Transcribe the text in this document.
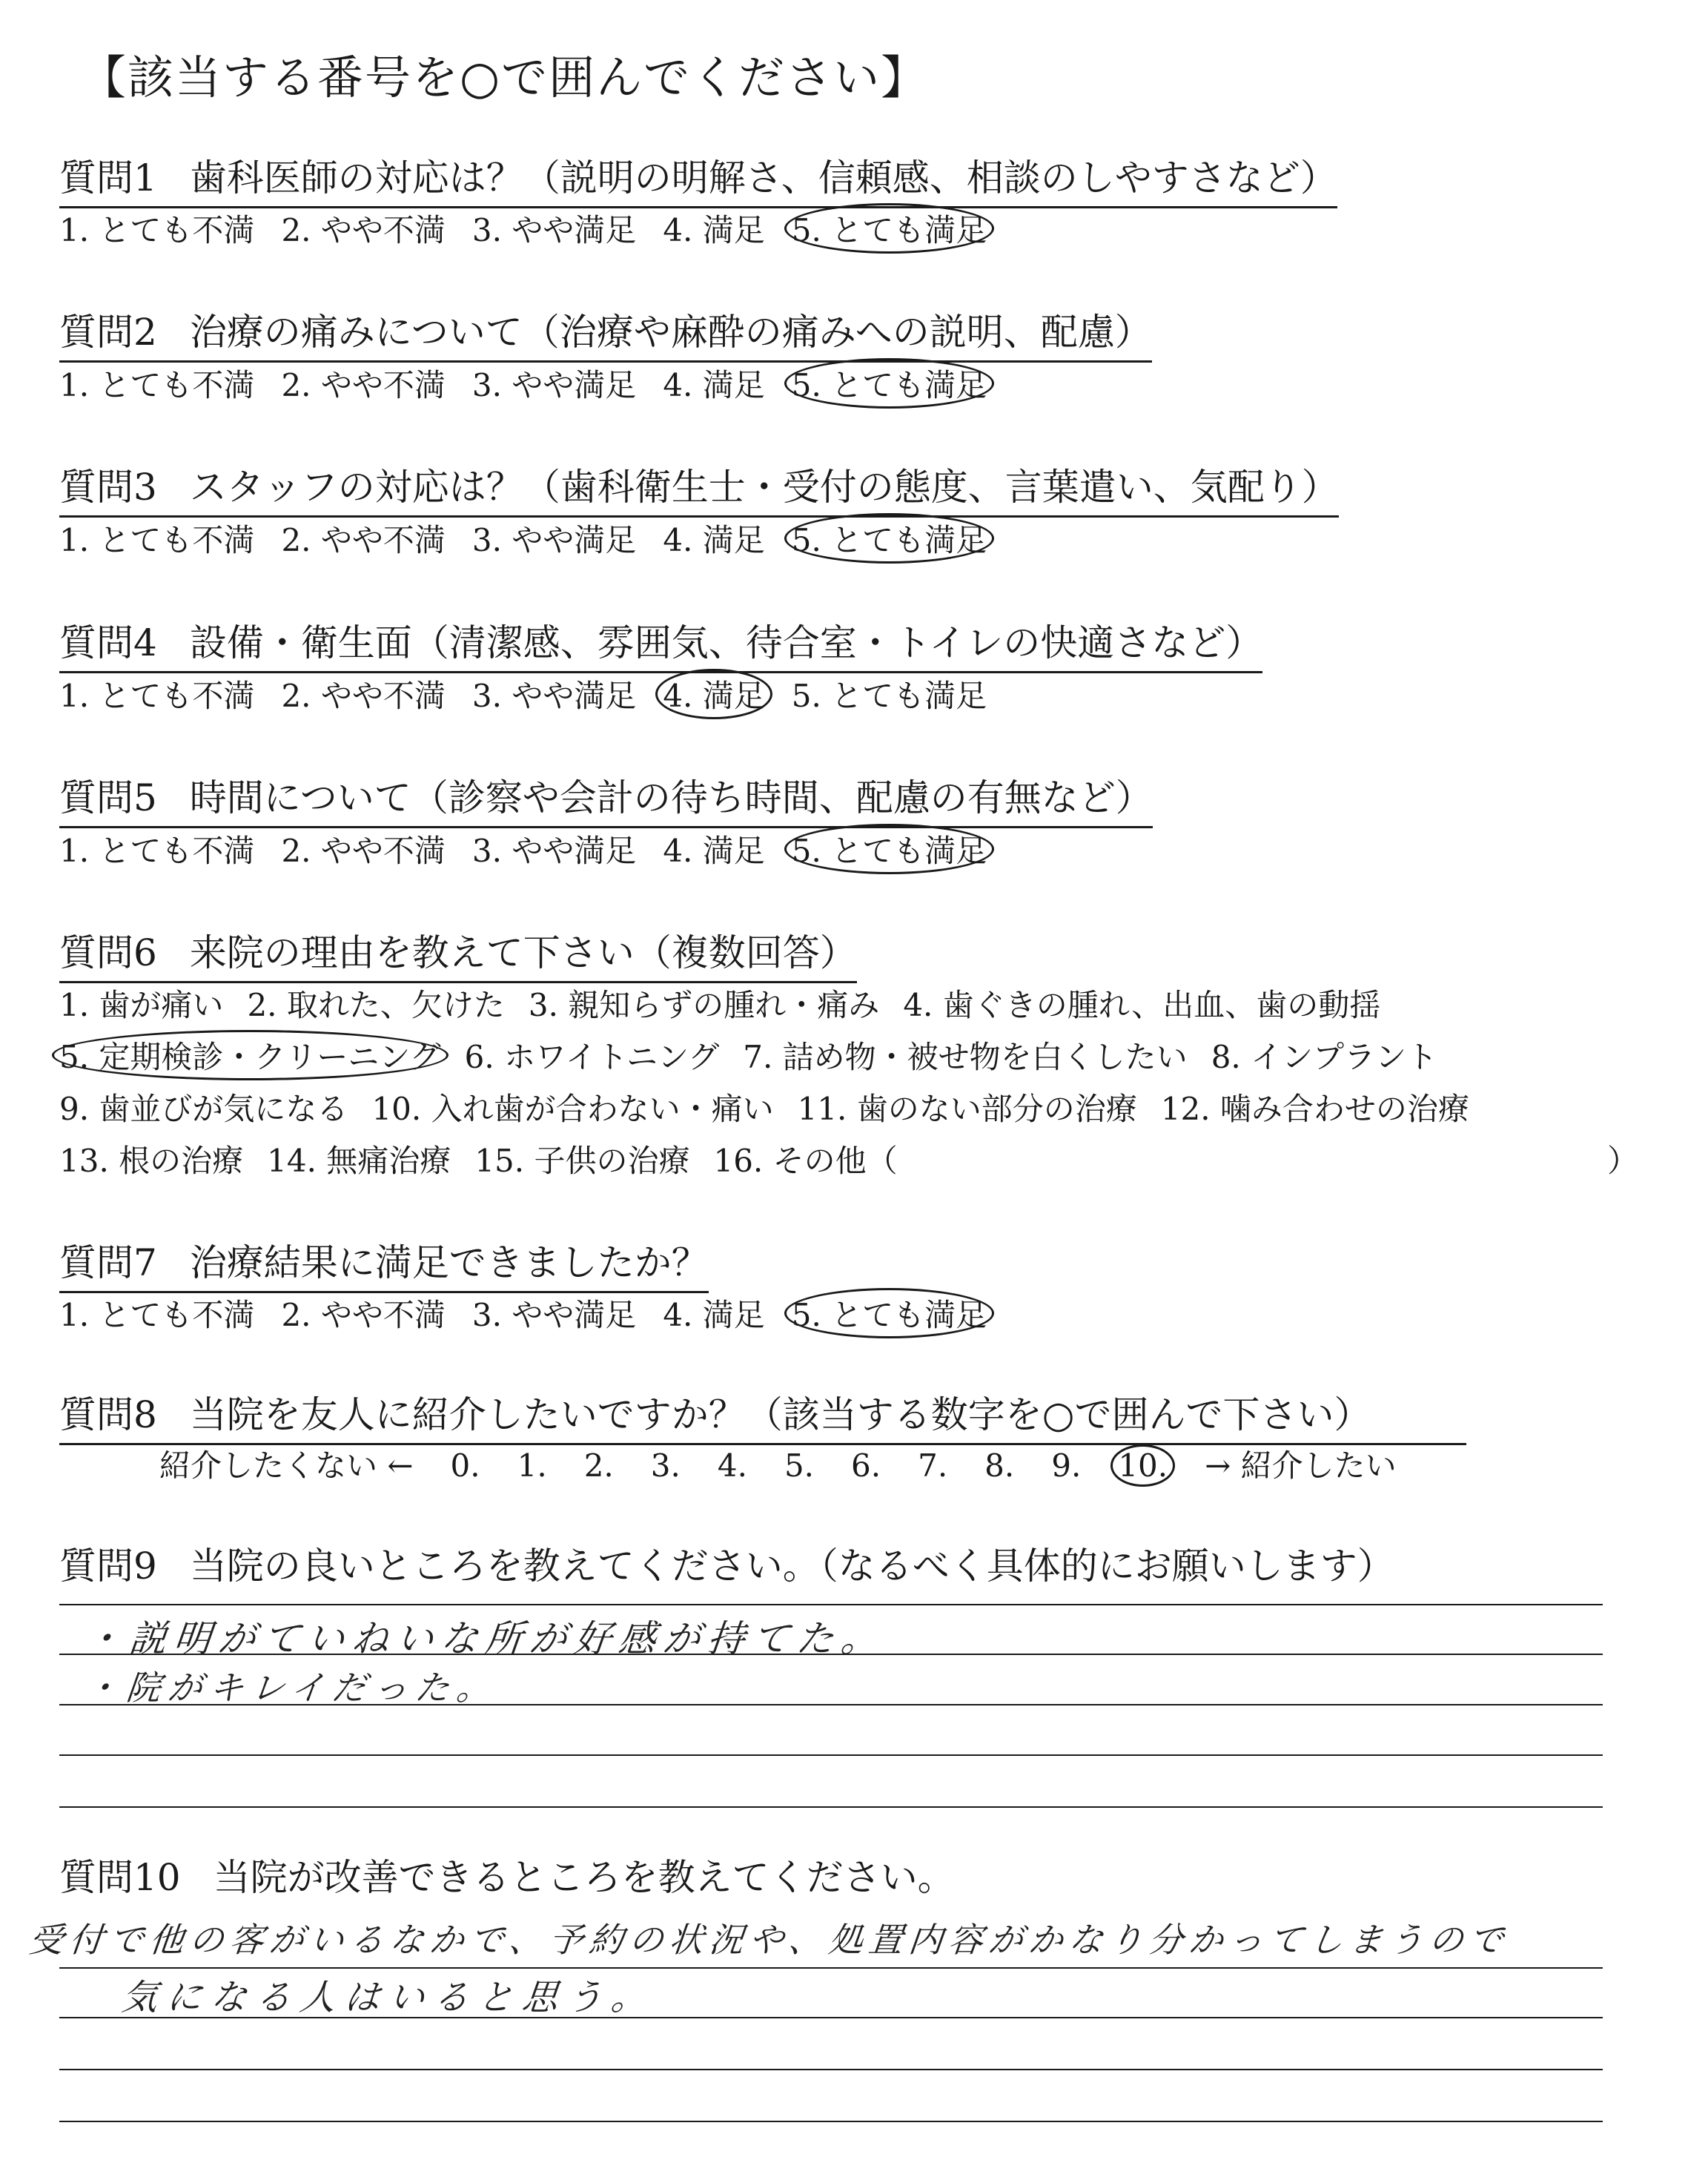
【該当する番号を○で囲んでください】
質問1 歯科医師の対応は？（説明の明解さ、信頼感、相談のしやすさなど）
1. とても不満 2. やや不満 3. やや満足 4. 満足 5. とても満足
質問2 治療の痛みについて（治療や麻酔の痛みへの説明、配慮）
1. とても不満 2. やや不満 3. やや満足 4. 満足 5. とても満足
質問3 スタッフの対応は？（歯科衛生士・受付の態度、言葉遣い、気配り）
1. とても不満 2. やや不満 3. やや満足 4. 満足 5. とても満足
質問4 設備・衛生面（清潔感、雰囲気、待合室・トイレの快適さなど）
1. とても不満 2. やや不満 3. やや満足 4. 満足 5. とても満足
質問5 時間について（診察や会計の待ち時間、配慮の有無など）
1. とても不満 2. やや不満 3. やや満足 4. 満足 5. とても満足
質問6 来院の理由を教えて下さい（複数回答）
1. 歯が痛い 2. 取れた、欠けた 3. 親知らずの腫れ・痛み 4. 歯ぐきの腫れ、出血、歯の動揺
5. 定期検診・クリーニング 6. ホワイトニング 7. 詰め物・被せ物を白くしたい 8. インプラント
9. 歯並びが気になる 10. 入れ歯が合わない・痛い 11. 歯のない部分の治療 12. 噛み合わせの治療
13. 根の治療 14. 無痛治療 15. 子供の治療 16. その他（	）
質問7 治療結果に満足できましたか？
1. とても不満 2. やや不満 3. やや満足 4. 満足 5. とても満足
質問8 当院を友人に紹介したいですか？（該当する数字を○で囲んで下さい）
紹介したくない ← 0. 1. 2. 3. 4. 5. 6. 7. 8. 9. 10. → 紹介したい
質問9 当院の良いところを教えてください。（なるべく具体的にお願いします）
・説明がていねいな所が好感が持てた。
・院がキレイだった。
質問10 当院が改善できるところを教えてください。
受付で他の客がいるなかで、予約の状況や、処置内容がかなり分かってしまうので
気になる人はいると思う。
